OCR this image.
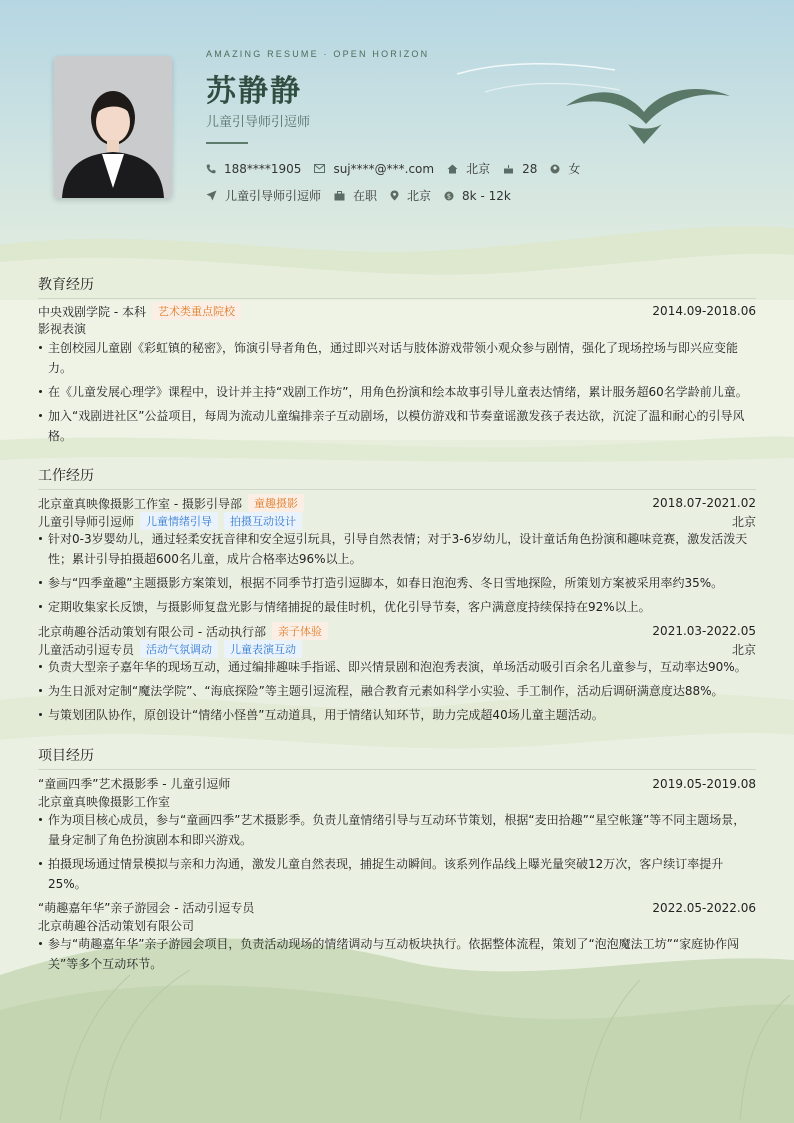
AMAZING RESUME · OPEN HORIZON
苏静静
儿童引导师引逗师
188****1905	suj****@***.com	北京	28	女
儿童引导师引逗师	在职	北京 $ 8k - 12k
教育经历
中央戏剧学院 - 本科	艺术类重点院校	2014.09-2018.06
影视表演
主创校园儿童剧《彩虹镇的秘密》，饰演引导者角色，通过即兴对话与肢体游戏带领小观众参与剧情，强化了现场控场与即兴应变能力。
在《儿童发展心理学》课程中，设计并主持“戏剧工作坊”，用角色扮演和绘本故事引导儿童表达情绪，累计服务超60名学龄前儿童。
加入“戏剧进社区”公益项目，每周为流动儿童编排亲子互动剧场，以模仿游戏和节奏童谣激发孩子表达欲，沉淀了温和耐心的引导风格。
工作经历
北京童真映像摄影工作室 - 摄影引导部	童趣摄影	2018.07-2021.02
儿童引导师引逗师	儿童情绪引导	拍摄互动设计	北京
针对0-3岁婴幼儿，通过轻柔安抚音律和安全逗引玩具，引导自然表情；对于3-6岁幼儿，设计童话角色扮演和趣味竞赛，激发活泼天性；累计引导拍摄超600名儿童，成片合格率达96%以上。
参与“四季童趣”主题摄影方案策划，根据不同季节打造引逗脚本，如春日泡泡秀、冬日雪地探险，所策划方案被采用率约35%。
定期收集家长反馈，与摄影师复盘光影与情绪捕捉的最佳时机，优化引导节奏，客户满意度持续保持在92%以上。
北京萌趣谷活动策划有限公司 - 活动执行部	亲子体验	2021.03-2022.05
儿童活动引逗专员	活动气氛调动	儿童表演互动	北京
负责大型亲子嘉年华的现场互动，通过编排趣味手指谣、即兴情景剧和泡泡秀表演，单场活动吸引百余名儿童参与，互动率达90%。
为生日派对定制“魔法学院”、“海底探险”等主题引逗流程，融合教育元素如科学小实验、手工制作，活动后调研满意度达88%。
与策划团队协作，原创设计“情绪小怪兽”互动道具，用于情绪认知环节，助力完成超40场儿童主题活动。
项目经历
“童画四季”艺术摄影季 - 儿童引逗师	2019.05-2019.08
北京童真映像摄影工作室
作为项目核心成员，参与“童画四季”艺术摄影季。负责儿童情绪引导与互动环节策划，根据“麦田拾趣”“星空帐篷”等不同主题场景，量身定制了角色扮演剧本和即兴游戏。
拍摄现场通过情景模拟与亲和力沟通，激发儿童自然表现，捕捉生动瞬间。该系列作品线上曝光量突破12万次，客户续订率提升25%。
“萌趣嘉年华”亲子游园会 - 活动引逗专员	2022.05-2022.06
北京萌趣谷活动策划有限公司
参与“萌趣嘉年华”亲子游园会项目，负责活动现场的情绪调动与互动板块执行。依据整体流程，策划了“泡泡魔法工坊”“家庭协作闯关”等多个互动环节。
